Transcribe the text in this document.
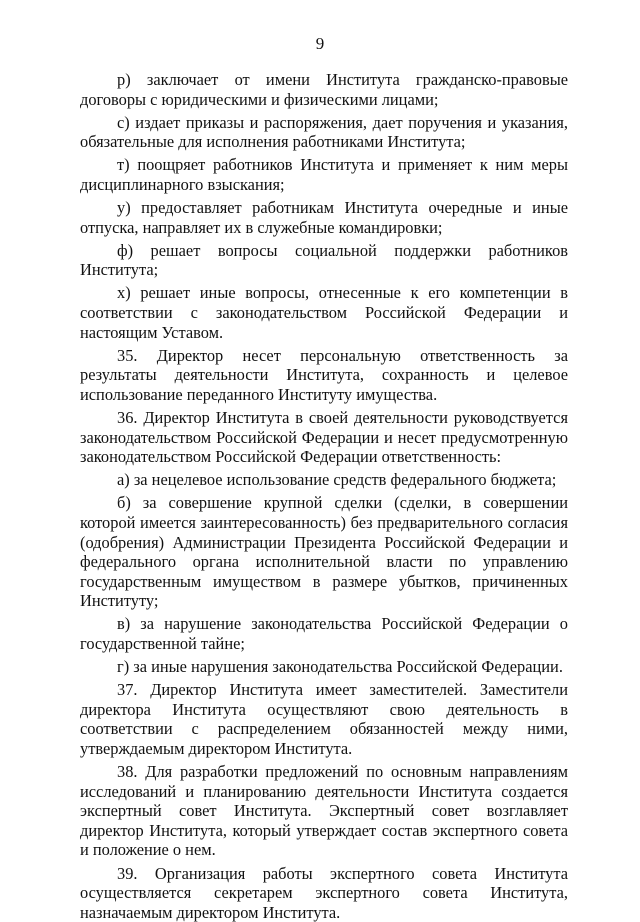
9

р) заключает от имени Института гражданско-правовые договоры с юридическими и физическими лицами;

с) издает приказы и распоряжения, дает поручения и указания, обязательные для исполнения работниками Института;

т) поощряет работников Института и применяет к ним меры дисциплинарного взыскания;

у) предоставляет работникам Института очередные и иные отпуска, направляет их в служебные командировки;

ф) решает вопросы социальной поддержки работников Института;

х) решает иные вопросы, отнесенные к его компетенции в соответствии с законодательством Российской Федерации и настоящим Уставом.

35. Директор несет персональную ответственность за результаты деятельности Института, сохранность и целевое использование переданного Институту имущества.

36. Директор Института в своей деятельности руководствуется законодательством Российской Федерации и несет предусмотренную законодательством Российской Федерации ответственность:

а) за нецелевое использование средств федерального бюджета;

б) за совершение крупной сделки (сделки, в совершении которой имеется заинтересованность) без предварительного согласия (одобрения) Администрации Президента Российской Федерации и федерального органа исполнительной власти по управлению государственным имуществом в размере убытков, причиненных Институту;

в) за нарушение законодательства Российской Федерации о государственной тайне;

г) за иные нарушения законодательства Российской Федерации.

37. Директор Института имеет заместителей. Заместители директора Института осуществляют свою деятельность в соответствии с распределением обязанностей между ними, утверждаемым директором Института.

38. Для разработки предложений по основным направлениям исследований и планированию деятельности Института создается экспертный совет Института. Экспертный совет возглавляет директор Института, который утверждает состав экспертного совета и положение о нем.

39. Организация работы экспертного совета Института осуществляется секретарем экспертного совета Института, назначаемым директором Института.
